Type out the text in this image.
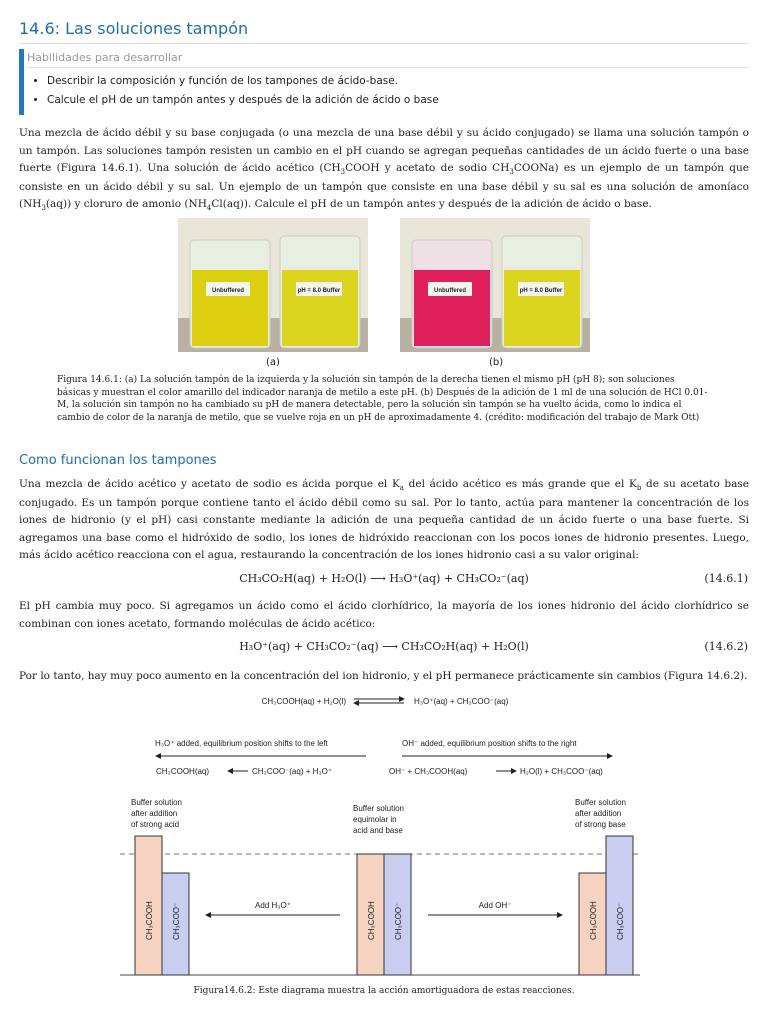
14.6: Las soluciones tampón
Habilidades para desarrollar
• Describir la composición y función de los tampones de ácido-base.
• Calcule el pH de un tampón antes y después de la adición de ácido o base

Una mezcla de ácido débil y su base conjugada (o una mezcla de una base débil y su ácido conjugado) se llama una solución tampón o un tampón. Las soluciones tampón resisten un cambio en el pH cuando se agregan pequeñas cantidades de un ácido fuerte o una base fuerte (Figura 14.6.1). Una solución de ácido acético ($CH_3COOH$ y acetato de sodio $CH_3COONa$) es un ejemplo de un tampón que consiste en un ácido débil y su sal. Un ejemplo de un tampón que consiste en una base débil y su sal es una solución de amoníaco $(NH_3(aq))$ y cloruro de amonio $(NH_4Cl(aq))$. Calcule el pH de un tampón antes y después de la adición de ácido o base.

Unbuffered	pH = 8.0 Buffer	Unbuffered	pH = 8.0 Buffer
(a)	(b)

Figura 14.6.1: (a) La solución tampón de la izquierda y la solución sin tampón de la derecha tienen el mismo pH (pH 8); son soluciones básicas y muestran el color amarillo del indicador naranja de metilo a este pH. (b) Después de la adición de 1 ml de una solución de HCl 0.01-M, la solución sin tampón no ha cambiado su pH de manera detectable, pero la solución sin tampón se ha vuelto ácida, como lo indica el cambio de color de la naranja de metilo, que se vuelve roja en un pH de aproximadamente 4. (crédito: modificación del trabajo de Mark Ott)

Como funcionan los tampones

Una mezcla de ácido acético y acetato de sodio es ácida porque el $K_a$ del ácido acético es más grande que el $K_b$ de su acetato base conjugado. Es un tampón porque contiene tanto el ácido débil como su sal. Por lo tanto, actúa para mantener la concentración de los iones de hidronio (y el pH) casi constante mediante la adición de una pequeña cantidad de un ácido fuerte o una base fuerte. Si agregamos una base como el hidróxido de sodio, los iones de hidróxido reaccionan con los pocos iones de hidronio presentes. Luego, más ácido acético reacciona con el agua, restaurando la concentración de los iones hidronio casi a su valor original:

CH₃CO₂H(aq) + H₂O(l) ⟶ H₃O⁺(aq) + CH₃CO₂⁻(aq)	(14.6.1)

El pH cambia muy poco. Si agregamos un ácido como el ácido clorhídrico, la mayoría de los iones hidronio del ácido clorhídrico se combinan con iones acetato, formando moléculas de ácido acético:

H₃O⁺(aq) + CH₃CO₂⁻(aq) ⟶ CH₃CO₂H(aq) + H₂O(l)	(14.6.2)

Por lo tanto, hay muy poco aumento en la concentración del ion hidronio, y el pH permanece prácticamente sin cambios (Figura 14.6.2).

CH₃COOH(aq) + H₂O(l)	H₃O⁺(aq) + CH₃COO⁻(aq)
H₃O⁺ added, equilibrium position shifts to the left
CH₃COOH(aq)	CH₃COO⁻(aq) + H₃O⁺
OH⁻ added, equilibrium position shifts to the right
OH⁻ + CH₃COOH(aq)	H₂O(l) + CH₃COO⁻(aq)
CH₃COOH CH₃COO⁻
Buffer solution
after addition
of strong acid
CH₃COOH CH₃COO⁻
Buffer solution
equimolar in
acid and base
CH₃COOH CH₃COO⁻
Buffer solution
after addition
of strong base
Add H₃O⁺	Add OH⁻
Figura14.6.2: Este diagrama muestra la acción amortiguadora de estas reacciones.
